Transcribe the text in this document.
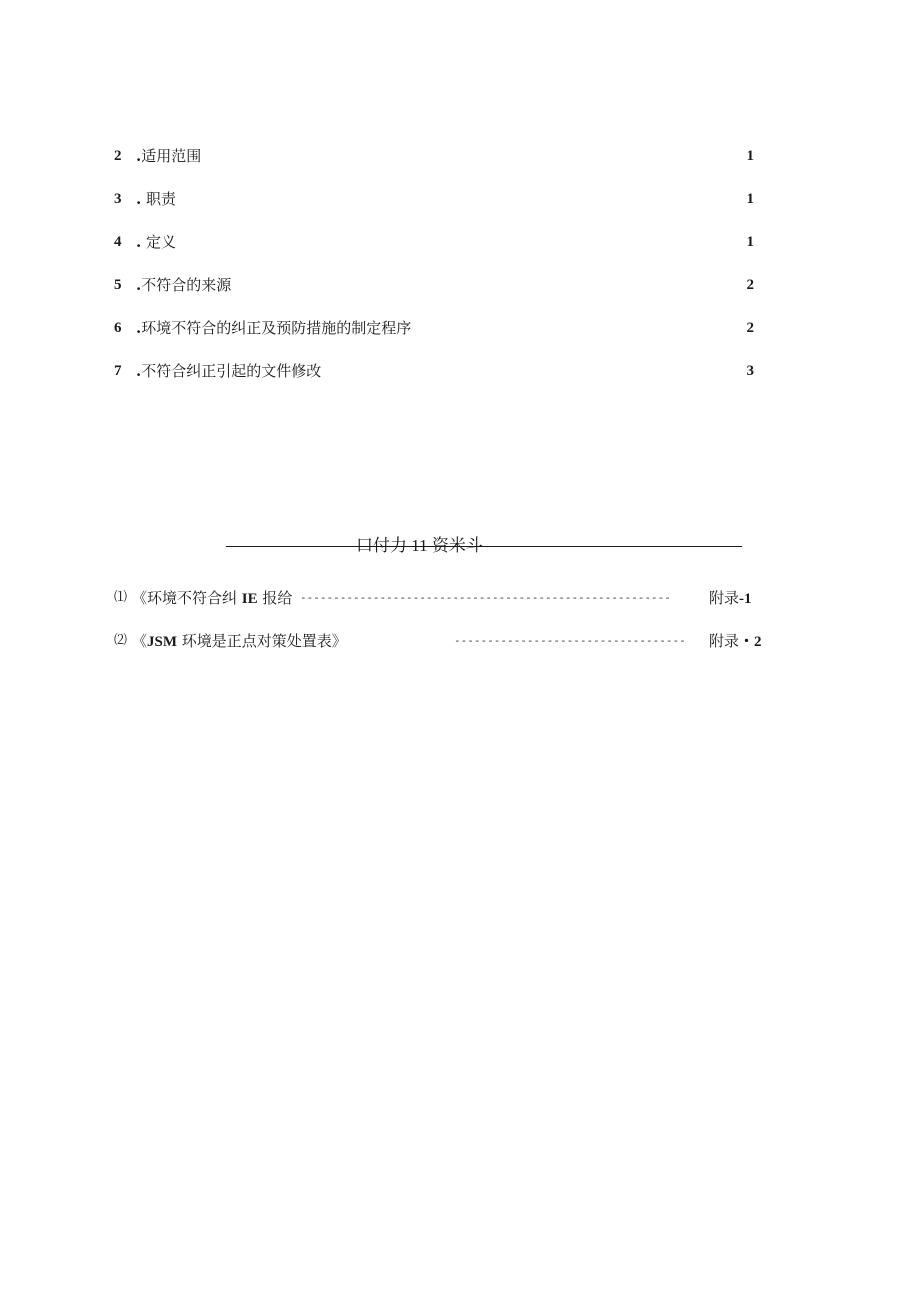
2 .适用范围	1
3 . 职责	1
4 . 定义	1
5 .不符合的来源	2
6 .环境不符合的纠正及预防措施的制定程序	2
7 .不符合纠正引起的文件修改	3
口付力 11 资米斗
⑴ 《环境不符合纠 IE 报给 --------------------------------------------------------	附录-1
⑵ 《JSM 环境是正点对策处置表》	-----------------------------------	附录・2
